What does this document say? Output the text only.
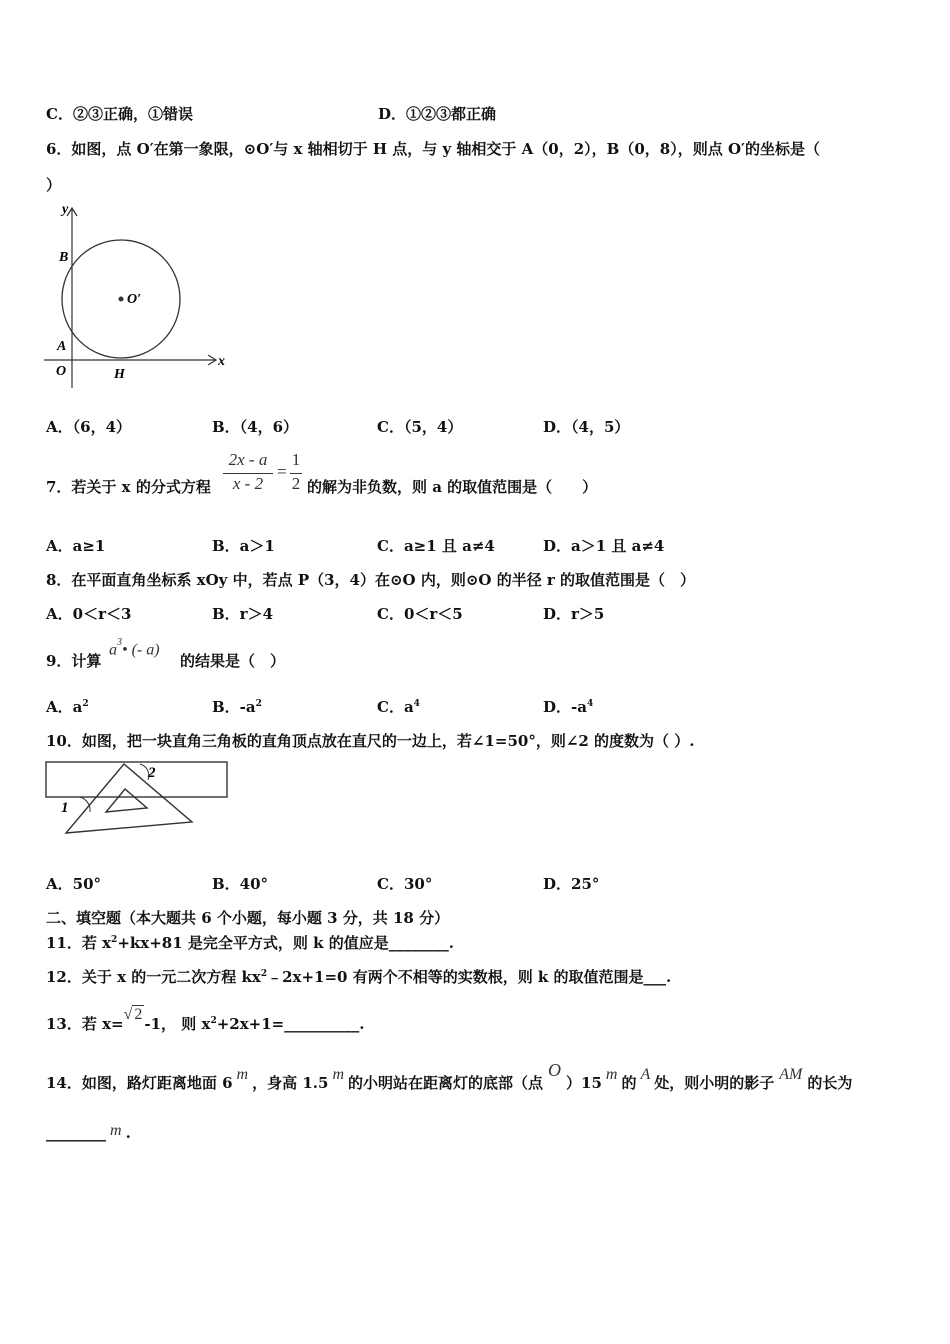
C．②③正确，①错误	D．①②③都正确
6．如图，点 O′在第一象限，⊙O′与 x 轴相切于 H 点，与 y 轴相交于 A（0，2），B（0，8），则点 O′的坐标是（
）
y
x
B
A
O	H
O′
A．（6，4）	B．（4，6）	C．（5，4）	D．（4，5）
7．若关于 x 的分式方程
2x - a
x - 2
=
1
2 的解为非负数，则 a 的取值范围是（　　）
A．a≥1	B．a＞1	C．a≥1 且 a≠4	D．a＞1 且 a≠4
8．在平面直角坐标系 xOy 中，若点 P（3，4）在⊙O 内，则⊙O 的半径 r 的取值范围是（　）
A．0＜r＜3	B．r＞4	C．0＜r＜5	D．r＞5
9．计算
$a^3•$ (- a)
的结果是（　）
A．$a^2$	B．$-a^2$	C．$a^4$	D．$-a^4$
10．如图，把一块直角三角板的直角顶点放在直尺的一边上，若∠1=50°，则∠2 的度数为（ ）.
1
2
A．50°	B．40°	C．30°	D．25°
二、填空题（本大题共 6 个小题，每小题 3 分，共 18 分）
11．若 $x^2+kx+81$ 是完全平方式，则 k 的值应是________.
12．关于 x 的一元二次方程 $kx^2﹣2x+1=0$ 有两个不相等的实数根，则 k 的取值范围是___.
13．若 x=√ 2-1， 则 $x^2+2x+1=\_\_\_\_\_\_\_\_\_\_$.
14．如图，路灯距离地面 6 m ，身高 1.5 m 的小明站在距离灯的底部（点O）15 m 的 A 处，则小明的影子 AM 的长为
________ m .
